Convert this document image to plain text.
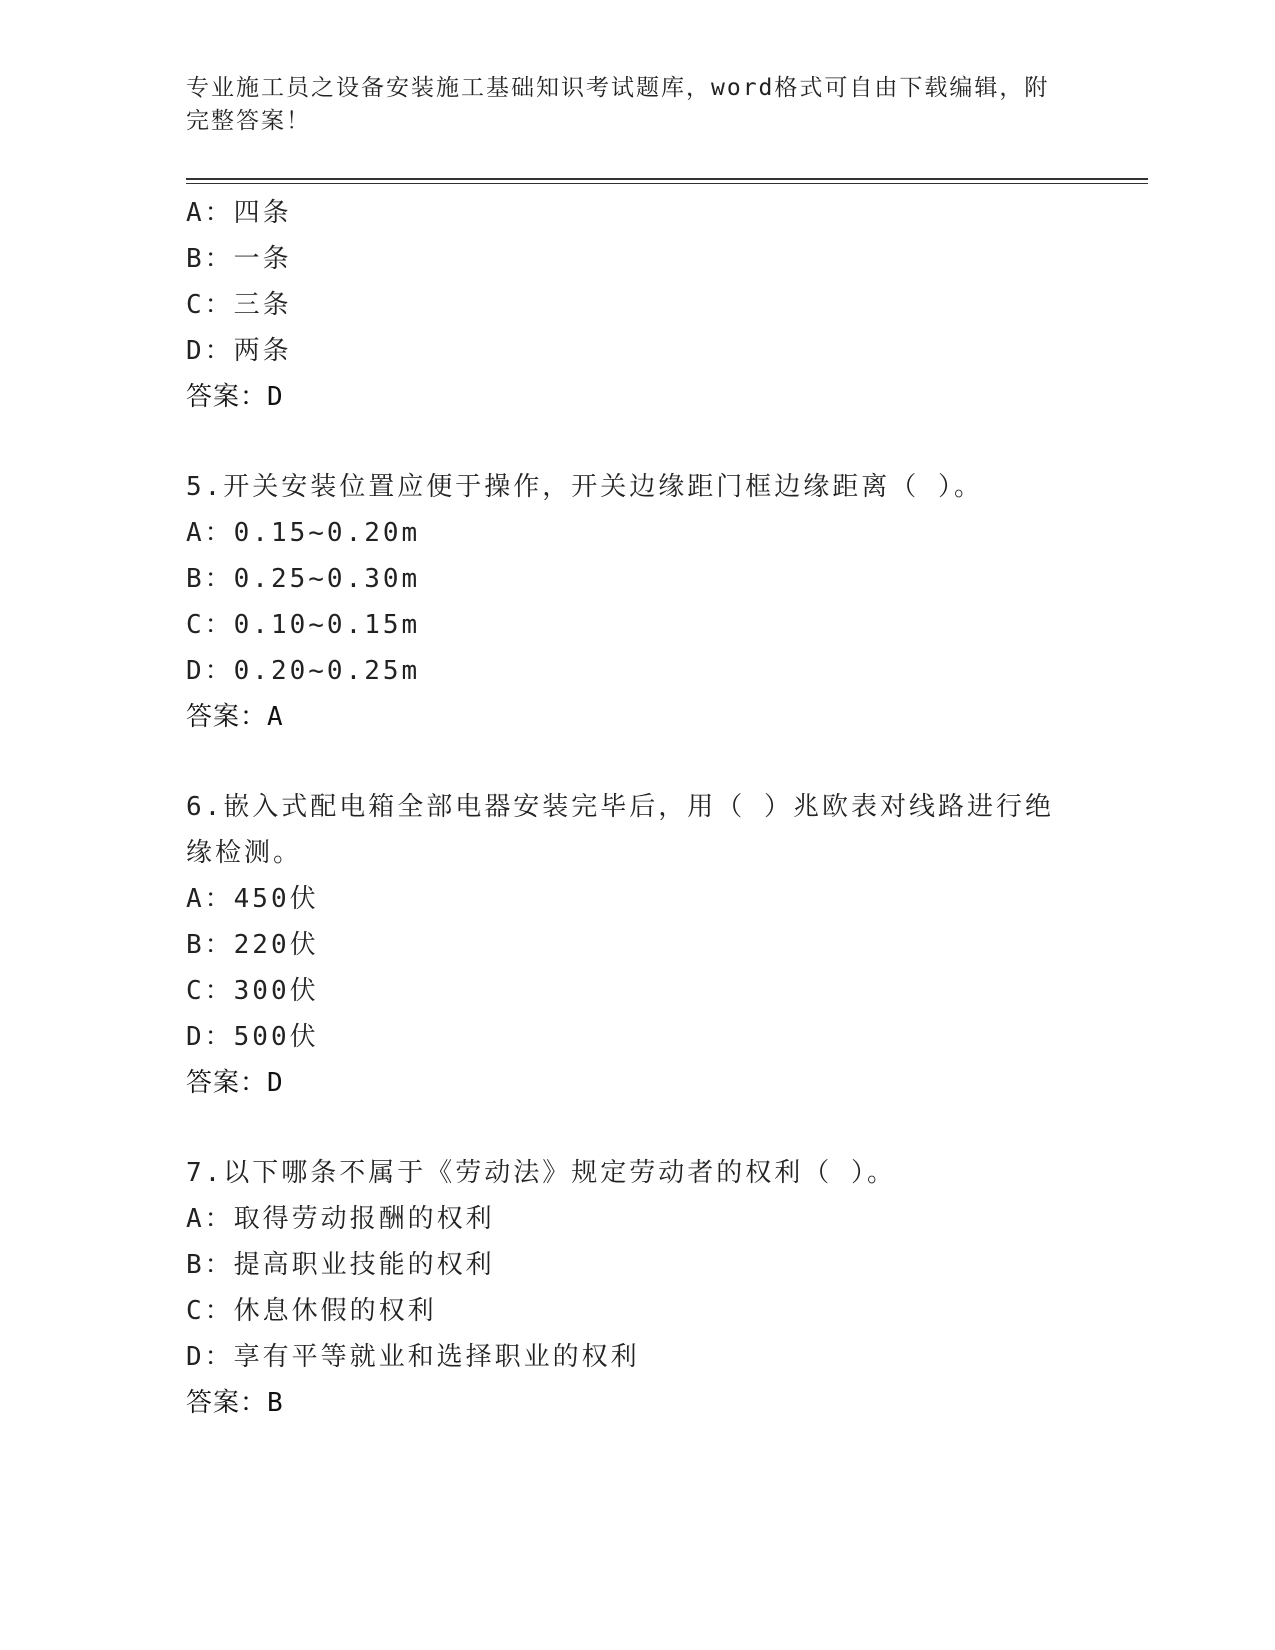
专业施工员之设备安装施工基础知识考试题库，word格式可自由下载编辑，附完整答案！
A：四条
B：一条
C：三条
D：两条
答案：D
5.开关安装位置应便于操作，开关边缘距门框边缘距离（ ）。
A：0.15~0.20m
B：0.25~0.30m
C：0.10~0.15m
D：0.20~0.25m
答案：A
6.嵌入式配电箱全部电器安装完毕后，用（ ）兆欧表对线路进行绝缘检测。
A：450伏
B：220伏
C：300伏
D：500伏
答案：D
7.以下哪条不属于《劳动法》规定劳动者的权利（ ）。
A：取得劳动报酬的权利
B：提高职业技能的权利
C：休息休假的权利
D：享有平等就业和选择职业的权利
答案：B
